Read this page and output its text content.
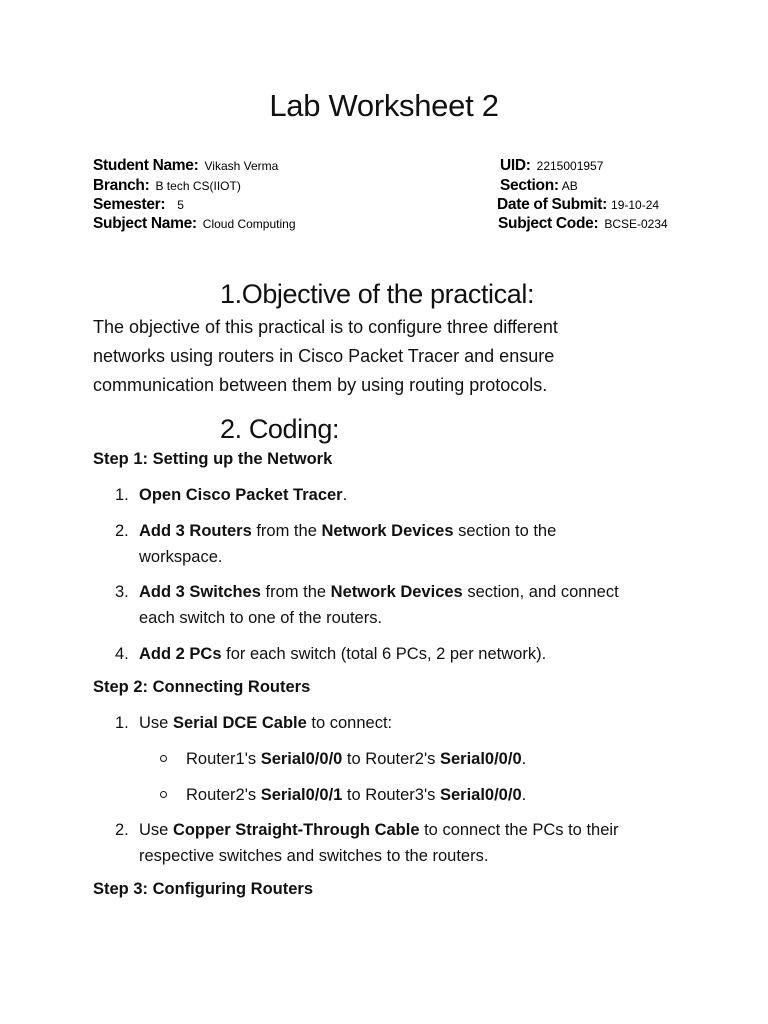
Lab Worksheet 2
Student Name: Vikash Verma	UID: 2215001957
Branch: B tech CS(IIOT)	Section: AB
Semester: 5	Date of Submit: 19-10-24
Subject Name: Cloud Computing	Subject Code: BCSE-0234
1.Objective of the practical:
The objective of this practical is to configure three different
networks using routers in Cisco Packet Tracer and ensure
communication between them by using routing protocols.
2. Coding:
Step 1: Setting up the Network
1. Open Cisco Packet Tracer.
2. Add 3 Routers from the Network Devices section to the
workspace.
3. Add 3 Switches from the Network Devices section, and connect
each switch to one of the routers.
4. Add 2 PCs for each switch (total 6 PCs, 2 per network).
Step 2: Connecting Routers
1. Use Serial DCE Cable to connect:
Router1's Serial0/0/0 to Router2's Serial0/0/0.
Router2's Serial0/0/1 to Router3's Serial0/0/0.
2. Use Copper Straight-Through Cable to connect the PCs to their
respective switches and switches to the routers.
Step 3: Configuring Routers
